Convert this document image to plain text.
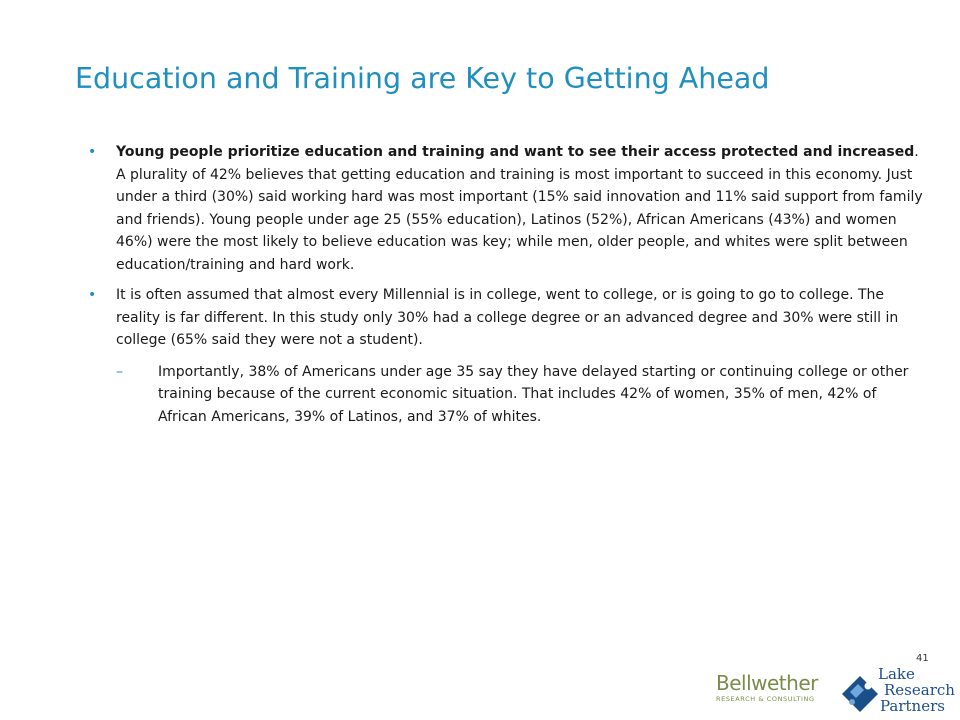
Education and Training are Key to Getting Ahead

• Young people prioritize education and training and want to see their access protected and increased. A plurality of 42% believes that getting education and training is most important to succeed in this economy. Just under a third (30%) said working hard was most important (15% said innovation and 11% said support from family and friends). Young people under age 25 (55% education), Latinos (52%), African Americans (43%) and women 46%) were the most likely to believe education was key; while men, older people, and whites were split between education/training and hard work.

• It is often assumed that almost every Millennial is in college, went to college, or is going to go to college. The reality is far different. In this study only 30% had a college degree or an advanced degree and 30% were still in college (65% said they were not a student).

–	Importantly, 38% of Americans under age 35 say they have delayed starting or continuing college or other training because of the current economic situation. That includes 42% of women, 35% of men, 42% of African Americans, 39% of Latinos, and 37% of whites.

41
Bellwether
RESEARCH & CONSULTING
Lake
Research
Partners
